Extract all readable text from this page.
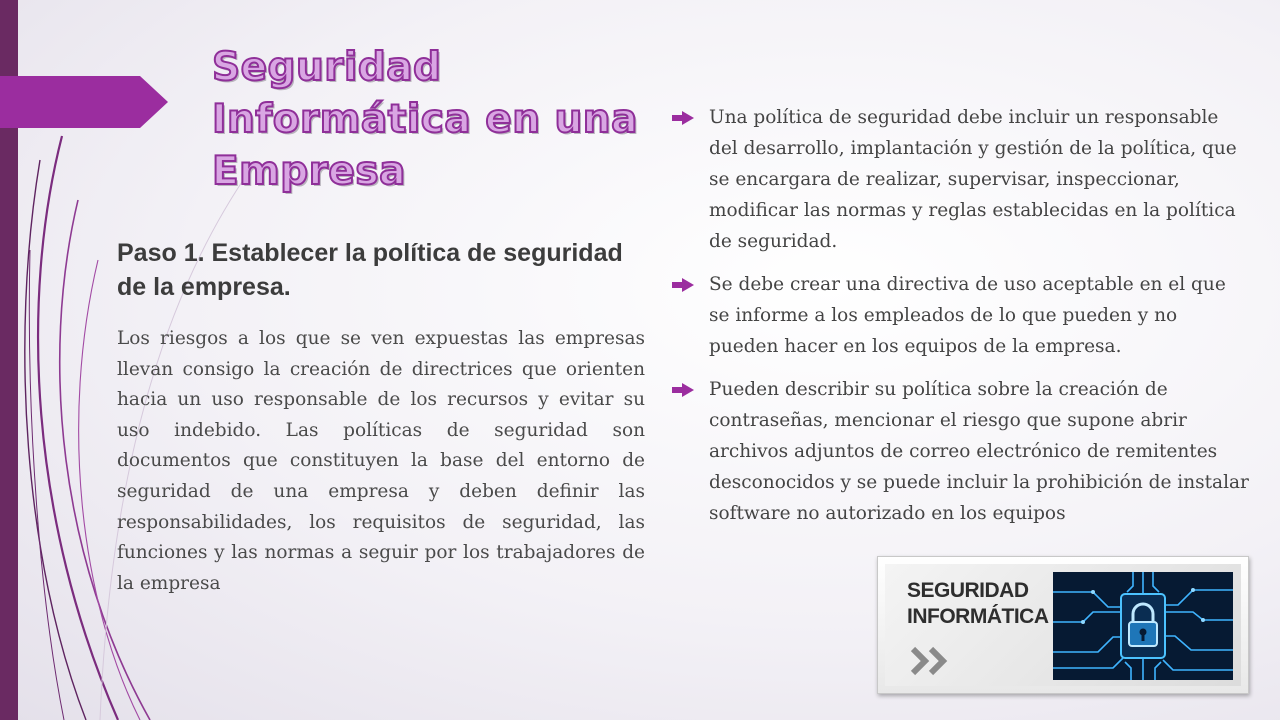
Seguridad Informática en una Empresa
Paso 1. Establecer la política de seguridad de la empresa.

Los riesgos a los que se ven expuestas las empresas llevan consigo la creación de directrices que orienten hacia un uso responsable de los recursos y evitar su uso indebido. Las políticas de seguridad son documentos que constituyen la base del entorno de seguridad de una empresa y deben definir las responsabilidades, los requisitos de seguridad, las funciones y las normas a seguir por los trabajadores de la empresa

Una política de seguridad debe incluir un responsable del desarrollo, implantación y gestión de la política, que se encargara de realizar, supervisar, inspeccionar, modificar las normas y reglas establecidas en la política de seguridad.
Se debe crear una directiva de uso aceptable en el que se informe a los empleados de lo que pueden y no pueden hacer en los equipos de la empresa.
Pueden describir su política sobre la creación de contraseñas, mencionar el riesgo que supone abrir archivos adjuntos de correo electrónico de remitentes desconocidos y se puede incluir la prohibición de instalar software no autorizado en los equipos

SEGURIDAD
INFORMÁTICA
